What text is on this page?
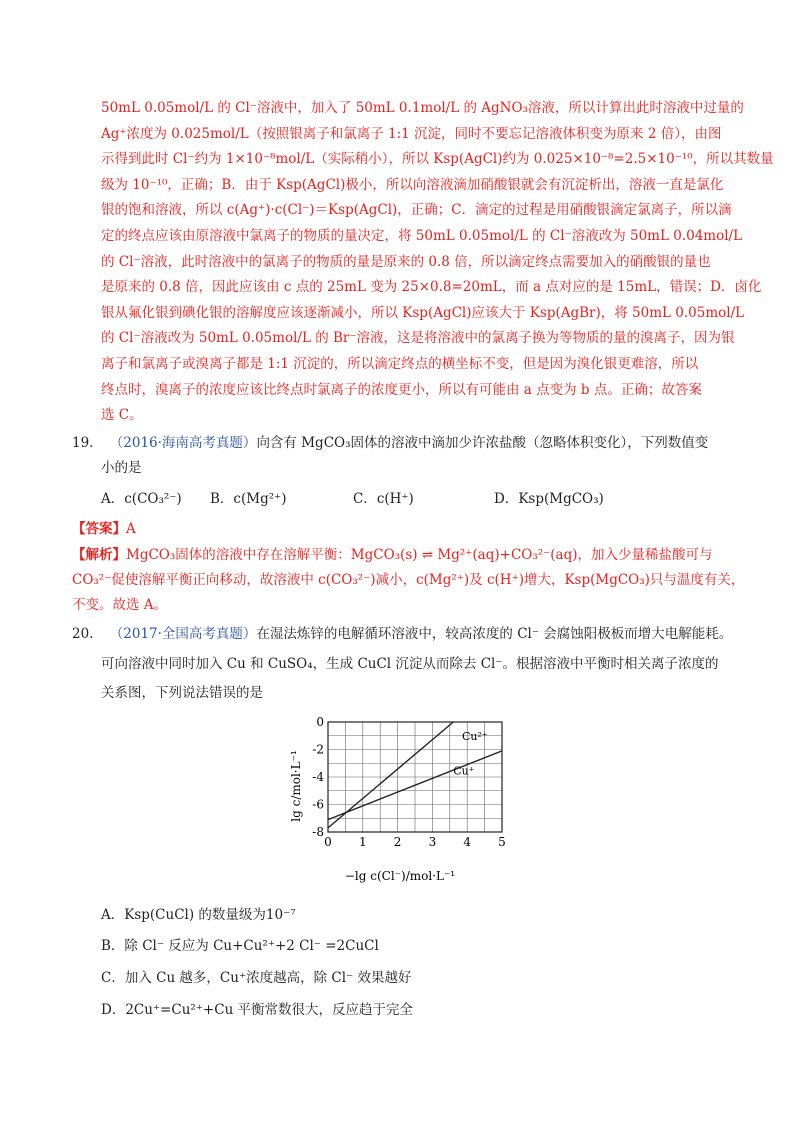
50mL 0.05mol/L 的 Cl⁻溶液中，加入了 50mL 0.1mol/L 的 AgNO₃溶液，所以计算出此时溶液中过量的

Ag⁺浓度为 0.025mol/L（按照银离子和氯离子 1:1 沉淀，同时不要忘记溶液体积变为原来 2 倍），由图

示得到此时 Cl⁻约为 1×10⁻⁸mol/L（实际稍小），所以 Ksp(AgCl)约为 0.025×10⁻⁸=2.5×10⁻¹⁰，所以其数量

级为 10⁻¹⁰，正确；B．由于 Ksp(AgCl)极小，所以向溶液滴加硝酸银就会有沉淀析出，溶液一直是氯化

银的饱和溶液，所以 c(Ag⁺)·c(Cl⁻)＝Ksp(AgCl)，正确；C．滴定的过程是用硝酸银滴定氯离子，所以滴

定的终点应该由原溶液中氯离子的物质的量决定，将 50mL 0.05mol/L 的 Cl⁻溶液改为 50mL 0.04mol/L

的 Cl⁻溶液，此时溶液中的氯离子的物质的量是原来的 0.8 倍，所以滴定终点需要加入的硝酸银的量也

是原来的 0.8 倍，因此应该由 c 点的 25mL 变为 25×0.8=20mL，而 a 点对应的是 15mL，错误；D．卤化

银从氟化银到碘化银的溶解度应该逐渐减小，所以 Ksp(AgCl)应该大于 Ksp(AgBr)，将 50mL 0.05mol/L

的 Cl⁻溶液改为 50mL 0.05mol/L 的 Br⁻溶液，这是将溶液中的氯离子换为等物质的量的溴离子，因为银

离子和氯离子或溴离子都是 1:1 沉淀的，所以滴定终点的横坐标不变，但是因为溴化银更难溶，所以

终点时，溴离子的浓度应该比终点时氯离子的浓度更小，所以有可能由 a 点变为 b 点。正确；故答案

选 C。

19. （2016·海南高考真题）向含有 MgCO₃固体的溶液中滴加少许浓盐酸（忽略体积变化），下列数值变
小的是
A．c(CO₃²⁻) B．c(Mg²⁺)	C．c(H⁺)	D．Ksp(MgCO₃)
【答案】A
【解析】MgCO₃固体的溶液中存在溶解平衡：MgCO₃(s) ⇌ Mg²⁺(aq)+CO₃²⁻(aq)，加入少量稀盐酸可与
CO₃²⁻促使溶解平衡正向移动，故溶液中 c(CO₃²⁻)减小，c(Mg²⁺)及 c(H⁺)增大，Ksp(MgCO₃)只与温度有关，
不变。故选 A。
20. （2017·全国高考真题）在湿法炼锌的电解循环溶液中，较高浓度的 Cl⁻ 会腐蚀阳极板而增大电解能耗。
可向溶液中同时加入 Cu 和 CuSO₄，生成 CuCl 沉淀从而除去 Cl⁻。根据溶液中平衡时相关离子浓度的
关系图，下列说法错误的是
0 1 2 3 4 5
0
-2
-4
-6
-8
Cu²⁺
Cu⁺
lg c/mol·L⁻¹
−lg c(Cl⁻)/mol·L⁻¹
A．Ksp(CuCl) 的数量级为10⁻⁷
B．除 Cl⁻ 反应为 Cu+Cu²⁺+2 Cl⁻ =2CuCl
C．加入 Cu 越多，Cu⁺浓度越高，除 Cl⁻ 效果越好
D．2Cu⁺=Cu²⁺+Cu 平衡常数很大，反应趋于完全
